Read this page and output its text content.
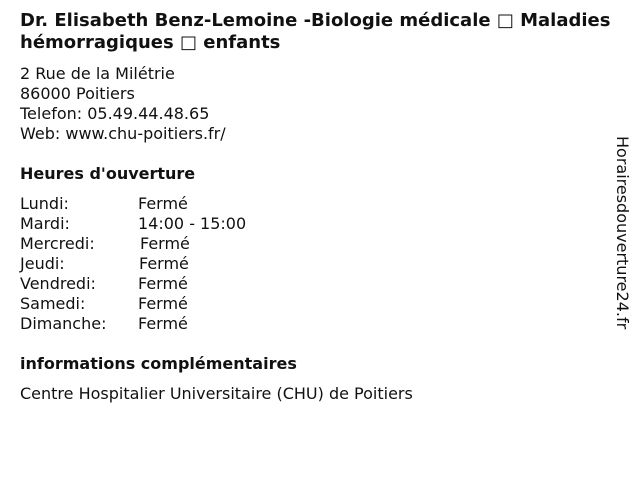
Dr. Elisabeth Benz-Lemoine -Biologie médicale □ Maladies hémorragiques □ enfants
2 Rue de la Milétrie
86000 Poitiers
Telefon: 05.49.44.48.65
Web: www.chu-poitiers.fr/
Heures d'ouverture
Lundi:	Fermé
Mardi:	14:00 - 15:00
Mercredi:	Fermé
Jeudi:	Fermé
Vendredi:	Fermé
Samedi:	Fermé
Dimanche: Fermé
informations complémentaires
Centre Hospitalier Universitaire (CHU) de Poitiers
Horairesdouverture24.fr
